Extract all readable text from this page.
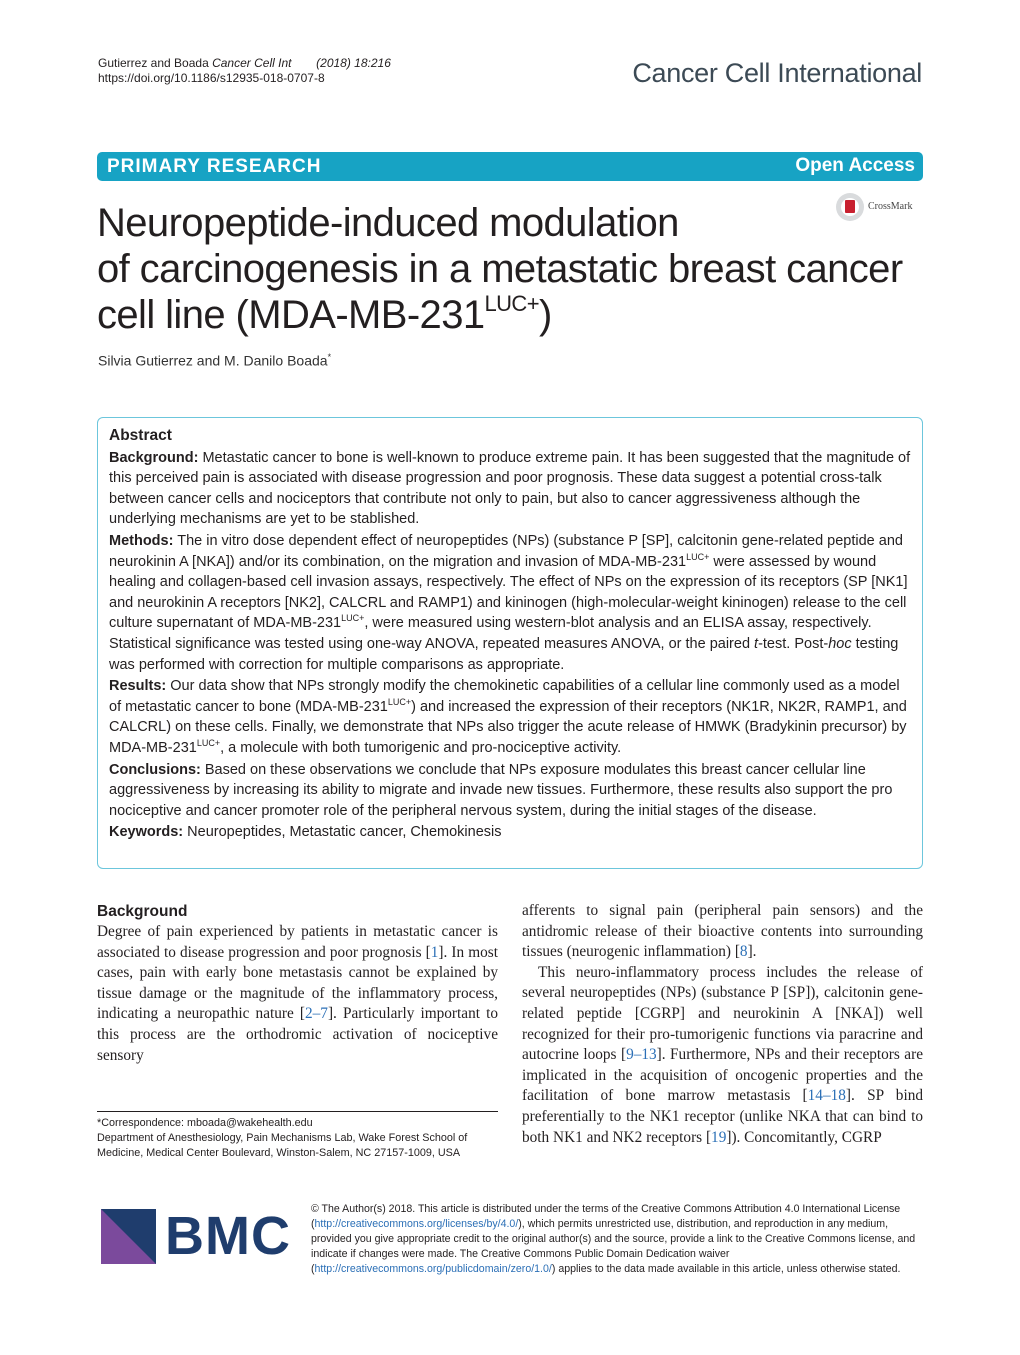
Gutierrez and Boada Cancer Cell Int (2018) 18:216
https://doi.org/10.1186/s12935-018-0707-8	Cancer Cell International
PRIMARY RESEARCH	Open Access
CrossMark
Neuropeptide-induced modulation
of carcinogenesis in a metastatic breast cancer
cell line $(MDA-MB-231^{LUC+})$
Silvia Gutierrez and M. Danilo Boada*
Abstract

Background: Metastatic cancer to bone is well-known to produce extreme pain. It has been suggested that the magnitude of this perceived pain is associated with disease progression and poor prognosis. These data suggest a potential cross-talk between cancer cells and nociceptors that contribute not only to pain, but also to cancer aggressiveness although the underlying mechanisms are yet to be stablished.

Methods: The in vitro dose dependent effect of neuropeptides (NPs) (substance P [SP], calcitonin gene-related peptide and neurokinin A [NKA]) and/or its combination, on the migration and invasion of MDA-$MB-231^{LUC+}$ were assessed by wound healing and collagen-based cell invasion assays, respectively. The effect of NPs on the expression of its receptors (SP [NK1] and neurokinin A receptors [NK2], CALCRL and RAMP1) and kininogen (high-molecular-weight kininogen) release to the cell culture supernatant of MDA-$MB-231^{LUC+}$, were measured using western-blot analysis and an ELISA assay, respectively. Statistical significance was tested using one-way ANOVA, repeated measures ANOVA, or the paired t-test. Post-hoc testing was performed with correction for multiple comparisons as appropriate.

Results: Our data show that NPs strongly modify the chemokinetic capabilities of a cellular line commonly used as a model of metastatic cancer to bone $(MDA-MB-231^{LUC+})$ and increased the expression of their receptors (NK1R, NK2R, RAMP1, and CALCRL) on these cells. Finally, we demonstrate that NPs also trigger the acute release of HMWK (Bradykinin precursor) by MDA-$MB-231^{LUC+}$, a molecule with both tumorigenic and pro-nociceptive activity.

Conclusions: Based on these observations we conclude that NPs exposure modulates this breast cancer cellular line aggressiveness by increasing its ability to migrate and invade new tissues. Furthermore, these results also support the pro nociceptive and cancer promoter role of the peripheral nervous system, during the initial stages of the disease.

Keywords: Neuropeptides, Metastatic cancer, Chemokinesis

Background

Degree of pain experienced by patients in metastatic cancer is associated to disease progression and poor prognosis [1]. In most cases, pain with early bone metastasis cannot be explained by tissue damage or the magnitude of the inflammatory process, indicating a neuropathic nature [2–7]. Particularly important to this process are the orthodromic activation of nociceptive sensory

afferents to signal pain (peripheral pain sensors) and the antidromic release of their bioactive contents into surrounding tissues (neurogenic inflammation) [8].

This neuro-inflammatory process includes the release of several neuropeptides (NPs) (substance P [SP]), calcitonin gene-related peptide [CGRP] and neurokinin A [NKA]) well recognized for their pro-tumorigenic functions via paracrine and autocrine loops [9–13]. Furthermore, NPs and their receptors are implicated in the acquisition of oncogenic properties and the facilitation of bone marrow metastasis [14–18]. SP bind preferentially to the NK1 receptor (unlike NKA that can bind to both NK1 and NK2 receptors [19]). Concomitantly, CGRP

*Correspondence: mboada@wakehealth.edu
Department of Anesthesiology, Pain Mechanisms Lab, Wake Forest School of Medicine, Medical Center Boulevard, Winston-Salem, NC 27157-1009, USA
BMC © The Author(s) 2018. This article is distributed under the terms of the Creative Commons Attribution 4.0 International License (http://creativecommons.org/licenses/by/4.0/), which permits unrestricted use, distribution, and reproduction in any medium, provided you give appropriate credit to the original author(s) and the source, provide a link to the Creative Commons license, and indicate if changes were made. The Creative Commons Public Domain Dedication waiver (http://creativecommons.org/publicdomain/zero/1.0/) applies to the data made available in this article, unless otherwise stated.
